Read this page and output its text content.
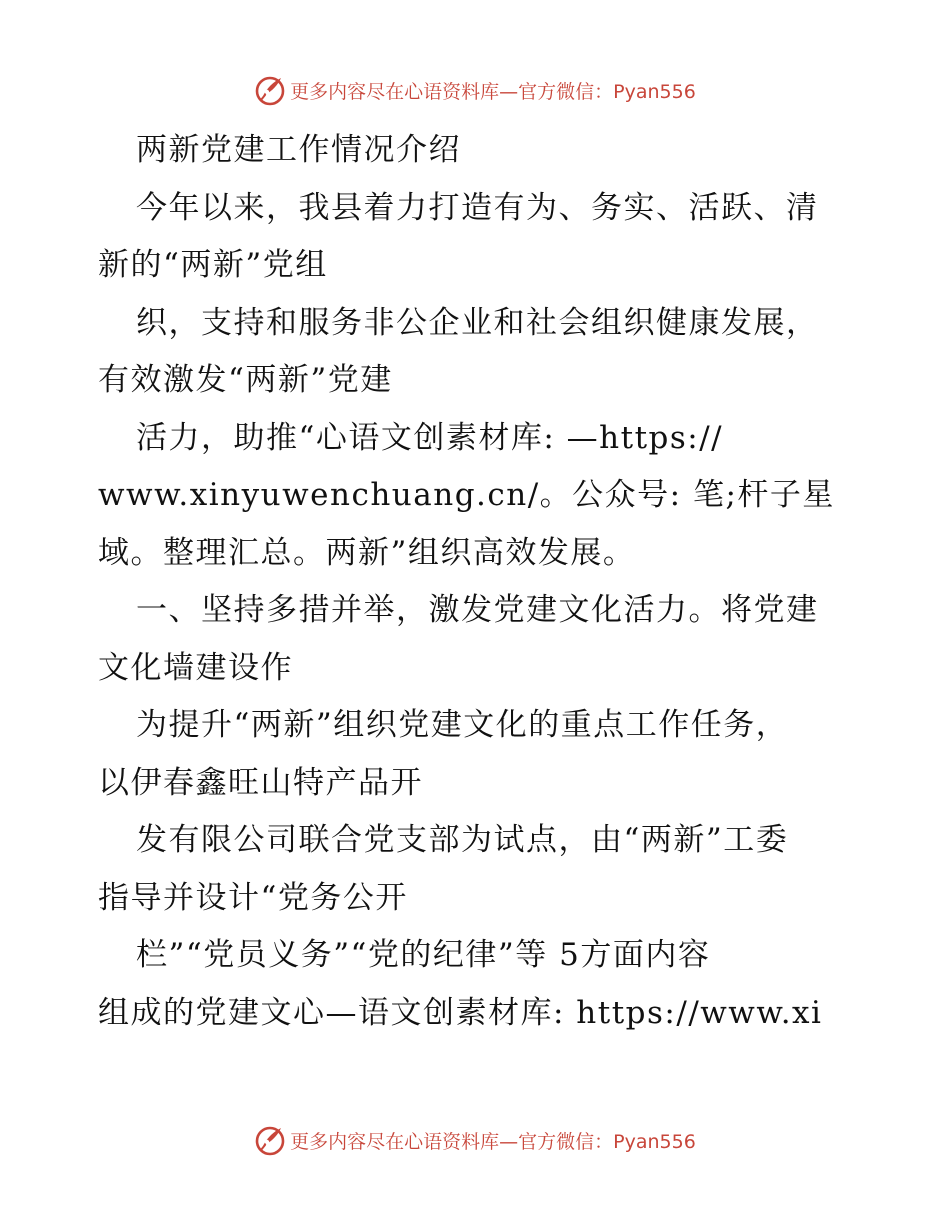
更多内容尽在心语资料库—官方微信：Pyan556
两新党建工作情况介绍
今年以来，我县着力打造有为、务实、活跃、清
新的“两新”党组
织，支持和服务非公企业和社会组织健康发展，
有效激发“两新”党建
活力，助推“心语文创素材库: —https://
www.xinyuwenchuang.cn/。公众号: 笔;杆子星
域。整理汇总。两新”组织高效发展。
一、坚持多措并举，激发党建文化活力。将党建
文化墙建设作
为提升“两新”组织党建文化的重点工作任务，
以伊春鑫旺山特产品开
发有限公司联合党支部为试点，由“两新”工委
指导并设计“党务公开
栏”“党员义务”“党的纪律”等 5方面内容
组成的党建文心—语文创素材库: https://www.xi
更多内容尽在心语资料库—官方微信：Pyan556
